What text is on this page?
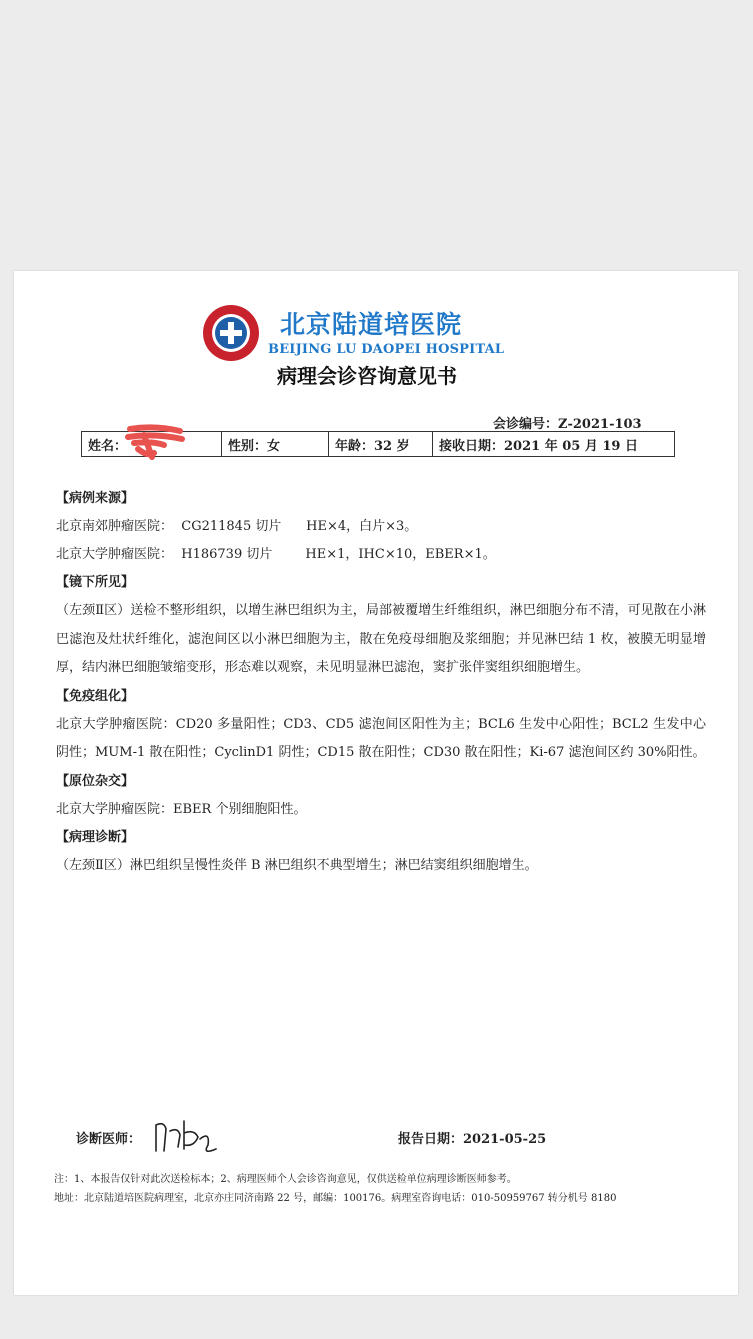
北京陆道培医院
BEIJING LU DAOPEI HOSPITAL
病理会诊咨询意见书
会诊编号：Z-2021-103
姓名：	性别：女	年龄：32 岁	接收日期：2021 年 05 月 19 日

【病例来源】

北京南郊肿瘤医院：  CG211845 切片      HE×4，白片×3。

北京大学肿瘤医院：  H186739 切片        HE×1，IHC×10，EBER×1。

【镜下所见】

（左颈Ⅱ区）送检不整形组织，以增生淋巴组织为主，局部被覆增生纤维组织，淋巴细胞分布不清，可见散在小淋巴滤泡及灶状纤维化，滤泡间区以小淋巴细胞为主，散在免疫母细胞及浆细胞；并见淋巴结 1 枚，被膜无明显增厚，结内淋巴细胞皱缩变形，形态难以观察，未见明显淋巴滤泡，窦扩张伴窦组织细胞增生。

【免疫组化】

北京大学肿瘤医院：CD20 多量阳性；CD3、CD5 滤泡间区阳性为主；BCL6 生发中心阳性；BCL2 生发中心阴性；MUM-1 散在阳性；CyclinD1 阴性；CD15 散在阳性；CD30 散在阳性；Ki-67 滤泡间区约 30%阳性。

【原位杂交】

北京大学肿瘤医院：EBER 个别细胞阳性。

【病理诊断】

（左颈Ⅱ区）淋巴组织呈慢性炎伴 B 淋巴组织不典型增生；淋巴结窦组织细胞增生。

诊断医师：	报告日期：2021-05-25
注：1、本报告仅针对此次送检标本；2、病理医师个人会诊咨询意见，仅供送检单位病理诊断医师参考。
地址：北京陆道培医院病理室，北京亦庄同济南路 22 号，邮编：100176。病理室咨询电话：010-50959767 转分机号 8180
